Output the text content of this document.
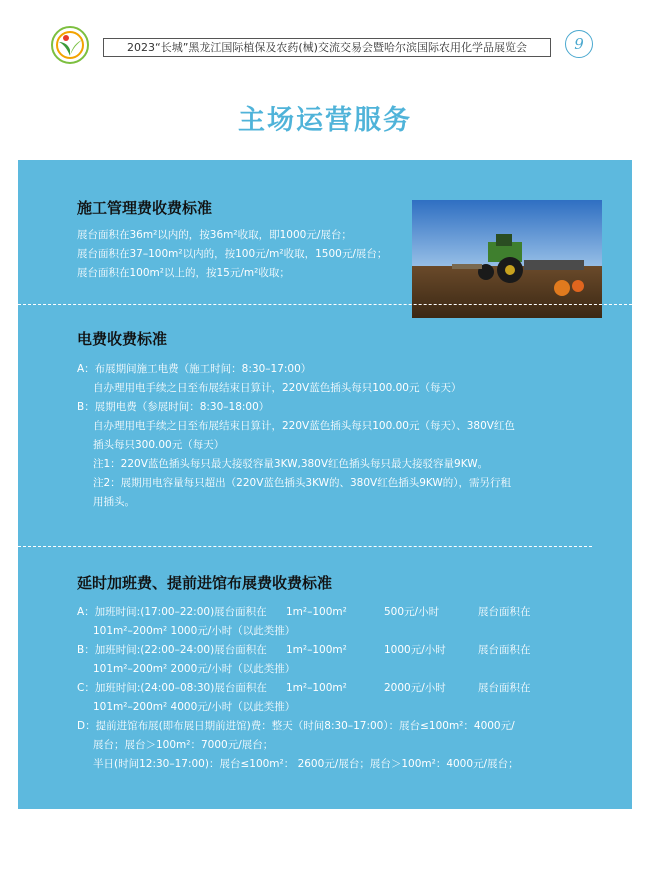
2023“长城”黑龙江国际植保及农药(械)交流交易会暨哈尔滨国际农用化学品展览会	9
主场运营服务
施工管理费收费标准
展台面积在36m²以内的，按36m²收取，即1000元/展台；
展台面积在37–100m²以内的，按100元/m²收取，1500元/展台；
展台面积在100m²以上的，按15元/m²收取；
电费收费标准
A：布展期间施工电费（施工时间：8:30–17:00）
自办理用电手续之日至布展结束日算计，220V蓝色插头每只100.00元（每天）
B：展期电费（参展时间：8:30–18:00）
自办理用电手续之日至布展结束日算计，220V蓝色插头每只100.00元（每天）、380V红色
插头每只300.00元（每天）
注1：220V蓝色插头每只最大接驳容量3KW,380V红色插头每只最大接驳容量9KW。
注2：展期用电容量每只超出（220V蓝色插头3KW的、380V红色插头9KW的），需另行租
用插头。
延时加班费、提前进馆布展费收费标准
A：加班时间:(17:00–22:00)展台面积在	1m²–100m²	500元/小时	展台面积在
101m²–200m² 1000元/小时（以此类推）
B：加班时间:(22:00–24:00)展台面积在	1m²–100m²	1000元/小时	展台面积在
101m²–200m² 2000元/小时（以此类推）
C：加班时间:(24:00–08:30)展台面积在	1m²–100m²	2000元/小时	展台面积在
101m²–200m² 4000元/小时（以此类推）
D：提前进馆布展(即布展日期前进馆)费：整天（时间8:30–17:00）：展台≤100m²：4000元/
展台；展台＞100m²：7000元/展台；
半日(时间12:30–17:00)：展台≤100m²： 2600元/展台；展台＞100m²：4000元/展台；
